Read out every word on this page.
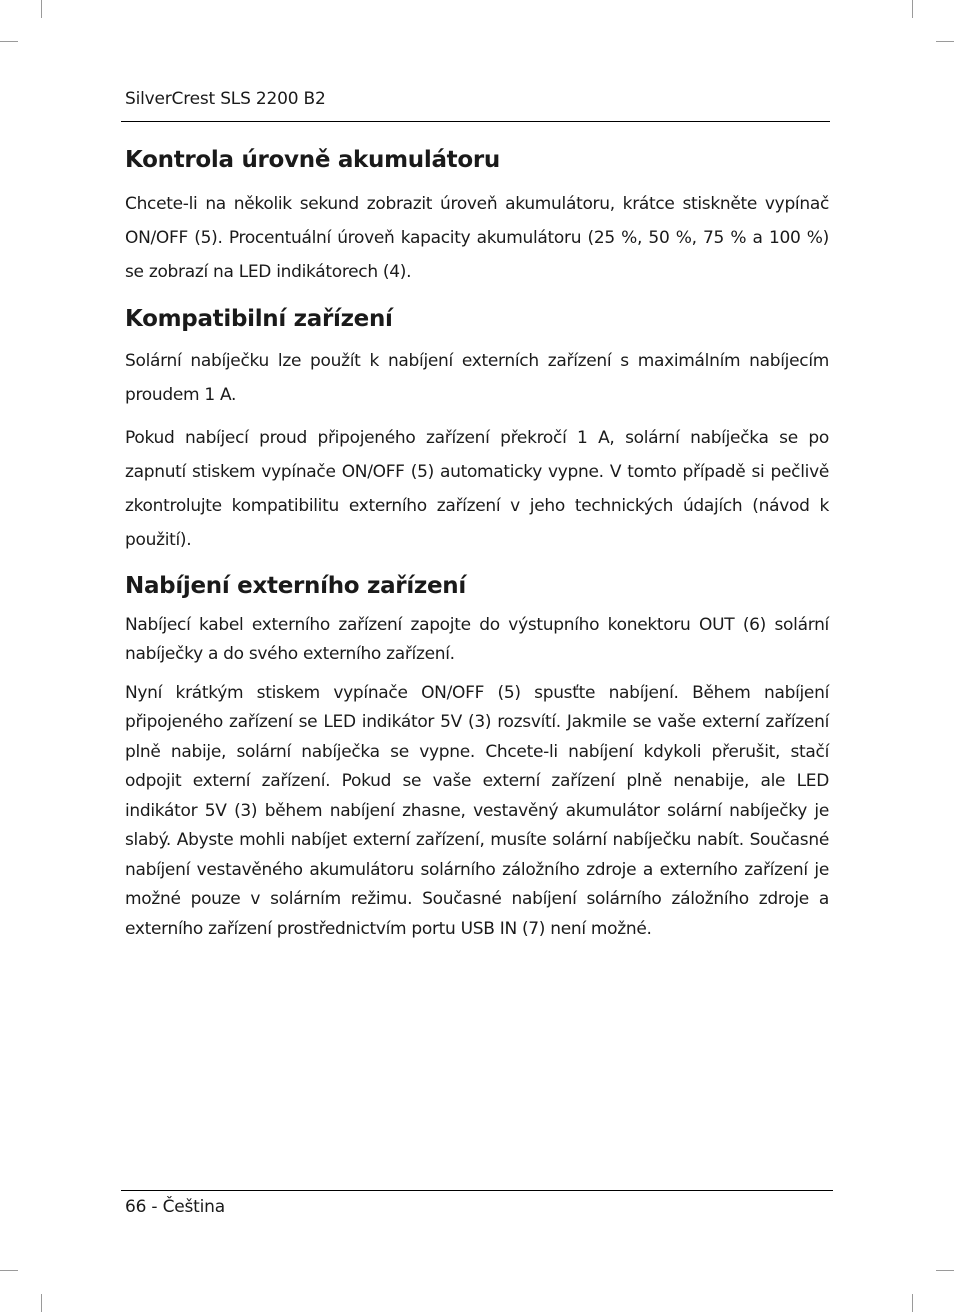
SilverCrest SLS 2200 B2
Kontrola úrovně akumulátoru

Chcete-li na několik sekund zobrazit úroveň akumulátoru, krátce stiskněte vypínač ON/OFF (5). Procentuální úroveň kapacity akumulátoru (25 %, 50 %, 75 % a 100 %) se zobrazí na LED indikátorech (4).

Kompatibilní zařízení

Solární nabíječku lze použít k nabíjení externích zařízení s maximálním nabíjecím proudem 1 A.

Pokud nabíjecí proud připojeného zařízení překročí 1 A, solární nabíječka se po zapnutí stiskem vypínače ON/OFF (5) automaticky vypne. V tomto případě si pečlivě zkontrolujte kompatibilitu externího zařízení v jeho technických údajích (návod k použití).

Nabíjení externího zařízení

Nabíjecí kabel externího zařízení zapojte do výstupního konektoru OUT (6) solární nabíječky a do svého externího zařízení.

Nyní krátkým stiskem vypínače ON/OFF (5) spusťte nabíjení. Během nabíjení připojeného zařízení se LED indikátor 5V (3) rozsvítí. Jakmile se vaše externí zařízení plně nabije, solární nabíječka se vypne. Chcete-li nabíjení kdykoli přerušit, stačí odpojit externí zařízení. Pokud se vaše externí zařízení plně nenabije, ale LED indikátor 5V (3) během nabíjení zhasne, vestavěný akumulátor solární nabíječky je slabý. Abyste mohli nabíjet externí zařízení, musíte solární nabíječku nabít. Současné nabíjení vestavěného akumulátoru solárního záložního zdroje a externího zařízení je možné pouze v solárním režimu. Současné nabíjení solárního záložního zdroje a externího zařízení prostřednictvím portu USB IN (7) není možné.

66 - Čeština
